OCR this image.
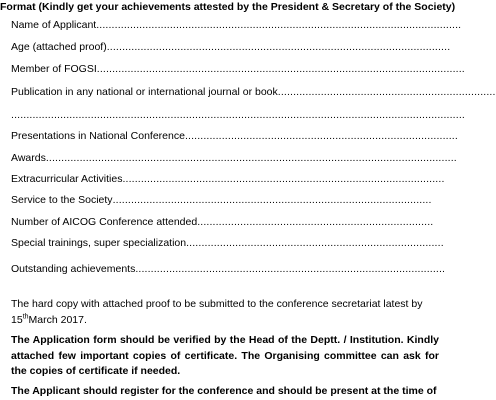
Format (Kindly get your achievements attested by the President & Secretary of the Society)
Name of Applicant.......................................................................................................................
Age (attached proof)................................................................................................................
Member of FOGSI........................................................................................................................
Publication in any national or international journal or book.......................................................................
....................................................................................................................................................
Presentations in National Conference.........................................................................................
Awards......................................................................................................................................
Extracurricular Activities.........................................................................................................
Service to the Society........................................................................................................
Number of AICOG Conference attended.............................................................................
Special trainings, super specialization....................................................................................
Outstanding achievements.....................................................................................................
The hard copy with attached proof to be submitted to the conference secretariat latest by
15thMarch 2017.
The Application form should be verified by the Head of the Deptt. / Institution. Kindly attached few important copies of certificate. The Organising committee can ask for the copies of certificate if needed.
The Applicant should register for the conference and should be present at the time of
